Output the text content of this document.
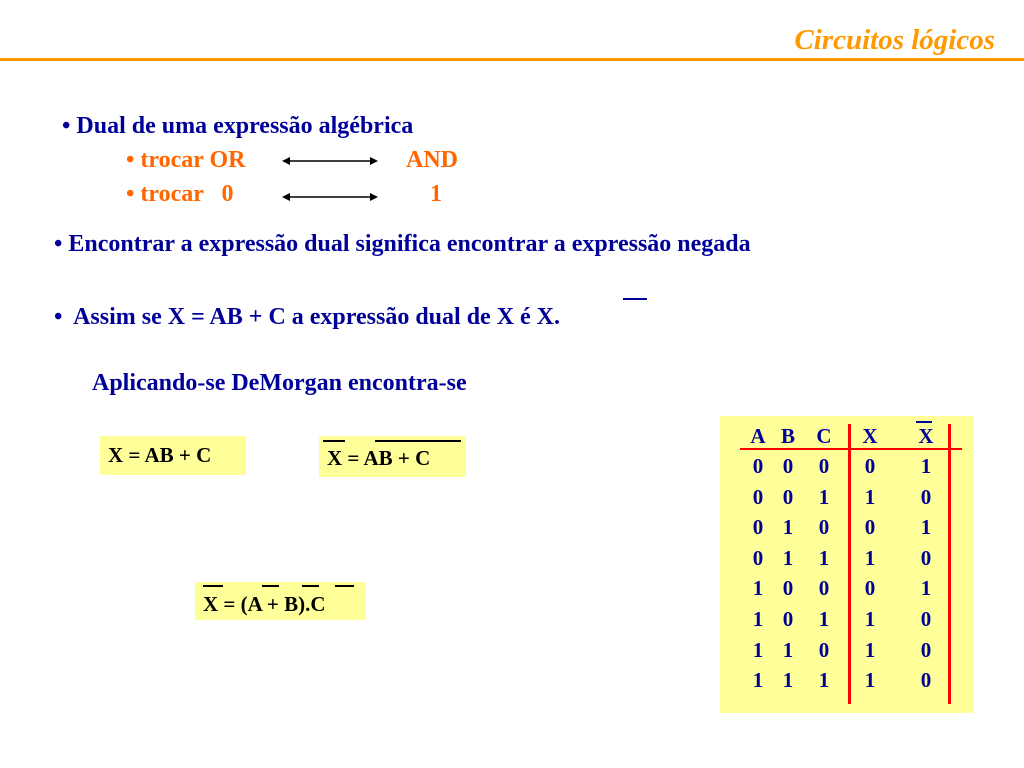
Circuitos lógicos
• Dual de uma expressão algébrica
• trocar OR	AND
• trocar   0	1
• Encontrar a expressão dual significa encontrar a expressão negada
•  Assim se X = AB + C a expressão dual de X é X.
Aplicando-se DeMorgan encontra-se
X = AB + C	X = AB + C
X = (A + B).C
A B C X X
0 0 0 0 1
0 0 1 1 0
0 1 0 0 1
0 1 1 1 0
1 0 0 0 1
1 0 1 1 0
1 1 0 1 0
1 1 1 1 0
